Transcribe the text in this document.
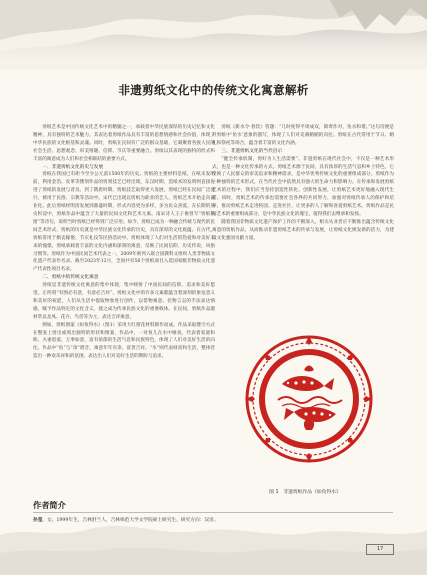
非遗剪纸文化中的传统文化寓意解析

剪纸艺术是中国传统文化艺术中的精髓之一，承载着中华民族深厚的历史记忆和文化精神，具有独特的艺术魅力。其表达着剪纸作品具有丰富的思想情感和社会价值，体现了中华民族的文化根基和灵魂。同时，剪纸在民间有广泛的群众基础，它凝聚着各族人民的社会生活、思想观念、审美情趣、信仰、节庆等重要融合。剪纸以其表现的独特的形式和丰富的寓意成为人们和社会相联结的重要方式。

一、非遗剪纸文化的史与发展

剪纸在我国已有距今至少公元前1500年的历史。剪纸的主要材料是纸，在纸未发明前，利用金箔、皮革等镂刻作品的剪刻技艺已经出现，东汉时期，造纸术的发明则直接促进了剪纸的发展与普及。到了隋唐时期，剪纸技艺取得更大发展，剪纸已经在民间广泛流行，被用于民俗、宗教等活动中。宋代已出现以剪纸为职业的艺人，剪纸艺术开始走向商业化。此后剪纸经明清发展到鼎盛时期，形式内容更为多样，多为民众喜爱。在长期的历史积淀中，剪纸作品中蕴含了大量的民间文化和艺术元素。南宋诗人王子俊曾写“剪纸粘窗”等诗句，说明当时剪纸已经得到广泛应用。如今，剪纸已成为一种融合传统与现代的民间艺术形式，剪纸的历史就是中华民族文化传承的历史，具有深厚的文化底蕴。在古代，剪纸常用于婚丧嫁娶、节庆礼仪等民俗活动中。剪纸体现了人们对生活的热爱和对美好未来的憧憬。剪纸承载着丰富的文化内涵和深刻的寓意，反映了民间信仰、历史传说、风俗习惯等。剪纸作为中国民间艺术代表之一，2009年被列入联合国教科文组织人类非物质文化遗产代表作名录。截至2023年12月，全国共有56个剪纸项目入选国家级非物质文化遗产代表性项目名录。

二、剪纸中的传统文化寓意

剪纸是非遗传统文化寓意的集中体现，集中映射了中国民间的信仰、追求和美好愿望。正所谓“有图必有意，有意必吉祥”。剪纸文化中的许多元素都蕴含着深刻的象征意义和美好的祝愿，人们从生活中提取物象进行创作，以借物寓意、托物言志的手法表达情感，赋予作品特定的文化含义，使之成为传承民族文化的重要载体。在民间，剪纸作品题材常以龙凤、花卉、鸟兽等为主，表达吉祥寓意。

例如，剪纸图案《如鱼得水》（图1）采用大红窗花材料制作而成。作品采取镂空方式在整张上剪出或刻出独特的形状和图案，作品中，一对鱼儿在水中嬉戏，代表着家庭和睦、夫妻恩爱、万事如意，富有浓郁的生活气息和民族特色，体现了人们对美好生活的向往。作品中“鱼”与“余”谐音，寓意年年有余、富贵吉祥。“水”则代表财富和生活，整体营造出一种欢乐祥和的氛围，表达出人们对美好生活的期盼与追求。

剪纸《新水令·春饮》曾题：“几时度得平周成双，锦鸾作对，鱼水和谐。”这句诗便是对剪纸中‘鱼水’意象的描写，体现了人们对美满婚姻的向往。剪纸在古代常用于节日、婚礼和祭祀等场合，蕴含着丰富的文化内涵。

三、非遗剪纸文化的当代启示

“健全传承机制，剪好为人生活需要”。非遗剪纸在现代社会中，不仅是一种艺术形式，也是一种文化传承的方式。剪纸艺术源于民间，具有浓厚的生活气息和乡土特色，它反映了人民群众的审美追求和精神需求，是中华优秀传统文化的重要组成部分。剪纸作为一种独特的艺术形式，在当代社会中依然具有强大的生命力和影响力。在传承和发展剪纸艺术的过程中，我们应当坚持创造性转化、创新性发展，让剪纸艺术更好地融入现代生活。同时，剪纸艺术的传承也需要社会各界的共同努力，加强对剪纸传承人的保护和培养，推动剪纸艺术走进校园、走进社区，让更多的人了解和喜爱剪纸艺术。剪纸作品是民间艺术的重要组成部分，是中华民族文化的瑰宝，值得我们去继承和发扬。

随着我国非物质文化遗产保护工作的不断深入，相关从业者应不断推出蕴含传统文化寓意的剪纸作品，从而推动非遗剪纸艺术的传承与发展，让剪纸文化焕发新的活力，为建设文化强国贡献力量。

图 1　非遗剪纸作品《如鱼得水》

作者简介

孙莹，女，1999年生，吉林舒兰人，吉林师范大学文学院硕士研究生，研究方向：汉语。

17
